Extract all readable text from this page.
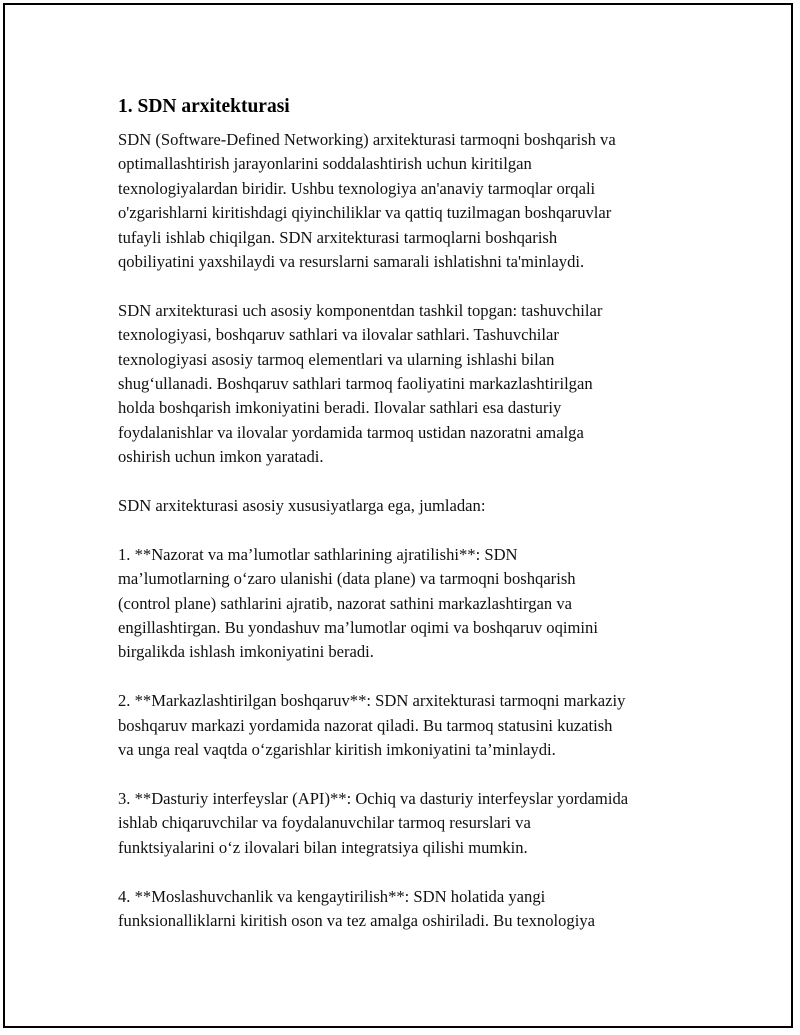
1. SDN arxitekturasi
SDN (Software-Defined Networking) arxitekturasi tarmoqni boshqarish va
optimallashtirish jarayonlarini soddalashtirish uchun kiritilgan
texnologiyalardan biridir. Ushbu texnologiya an'anaviy tarmoqlar orqali
o'zgarishlarni kiritishdagi qiyinchiliklar va qattiq tuzilmagan boshqaruvlar
tufayli ishlab chiqilgan. SDN arxitekturasi tarmoqlarni boshqarish
qobiliyatini yaxshilaydi va resurslarni samarali ishlatishni ta'minlaydi.
SDN arxitekturasi uch asosiy komponentdan tashkil topgan: tashuvchilar
texnologiyasi, boshqaruv sathlari va ilovalar sathlari. Tashuvchilar
texnologiyasi asosiy tarmoq elementlari va ularning ishlashi bilan
shug‘ullanadi. Boshqaruv sathlari tarmoq faoliyatini markazlashtirilgan
holda boshqarish imkoniyatini beradi. Ilovalar sathlari esa dasturiy
foydalanishlar va ilovalar yordamida tarmoq ustidan nazoratni amalga
oshirish uchun imkon yaratadi.
SDN arxitekturasi asosiy xususiyatlarga ega, jumladan:
1. **Nazorat va ma’lumotlar sathlarining ajratilishi**: SDN
ma’lumotlarning o‘zaro ulanishi (data plane) va tarmoqni boshqarish
(control plane) sathlarini ajratib, nazorat sathini markazlashtirgan va
engillashtirgan. Bu yondashuv ma’lumotlar oqimi va boshqaruv oqimini
birgalikda ishlash imkoniyatini beradi.
2. **Markazlashtirilgan boshqaruv**: SDN arxitekturasi tarmoqni markaziy
boshqaruv markazi yordamida nazorat qiladi. Bu tarmoq statusini kuzatish
va unga real vaqtda o‘zgarishlar kiritish imkoniyatini ta’minlaydi.
3. **Dasturiy interfeyslar (API)**: Ochiq va dasturiy interfeyslar yordamida
ishlab chiqaruvchilar va foydalanuvchilar tarmoq resurslari va
funktsiyalarini o‘z ilovalari bilan integratsiya qilishi mumkin.
4. **Moslashuvchanlik va kengaytirilish**: SDN holatida yangi
funksionalliklarni kiritish oson va tez amalga oshiriladi. Bu texnologiya
